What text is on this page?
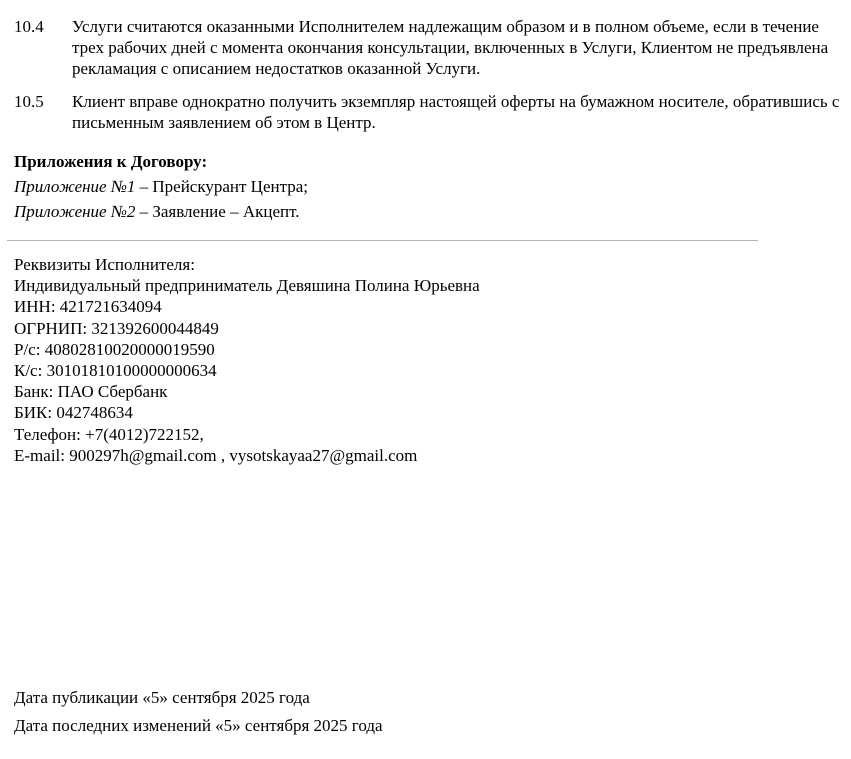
10.4 Услуги считаются оказанными Исполнителем надлежащим образом и в полном объеме, если в течение трех рабочих дней с момента окончания консультации, включенных в Услуги, Клиентом не предъявлена рекламация с описанием недостатков оказанной Услуги.
10.5 Клиент вправе однократно получить экземпляр настоящей оферты на бумажном носителе, обратившись с письменным заявлением об этом в Центр.
Приложения к Договору:
Приложение №1 – Прейскурант Центра;
Приложение №2 – Заявление – Акцепт.
Реквизиты Исполнителя:
Индивидуальный предприниматель Девяшина Полина Юрьевна
ИНН: 421721634094
ОГРНИП: 321392600044849
Р/с: 40802810020000019590
К/с: 30101810100000000634
Банк: ПАО Сбербанк
БИК: 042748634
Телефон: +7(4012)722152,
E-mail: 900297h@gmail.com , vysotskayaa27@gmail.com
Дата публикации «5» сентября 2025 года
Дата последних изменений «5» сентября 2025 года
